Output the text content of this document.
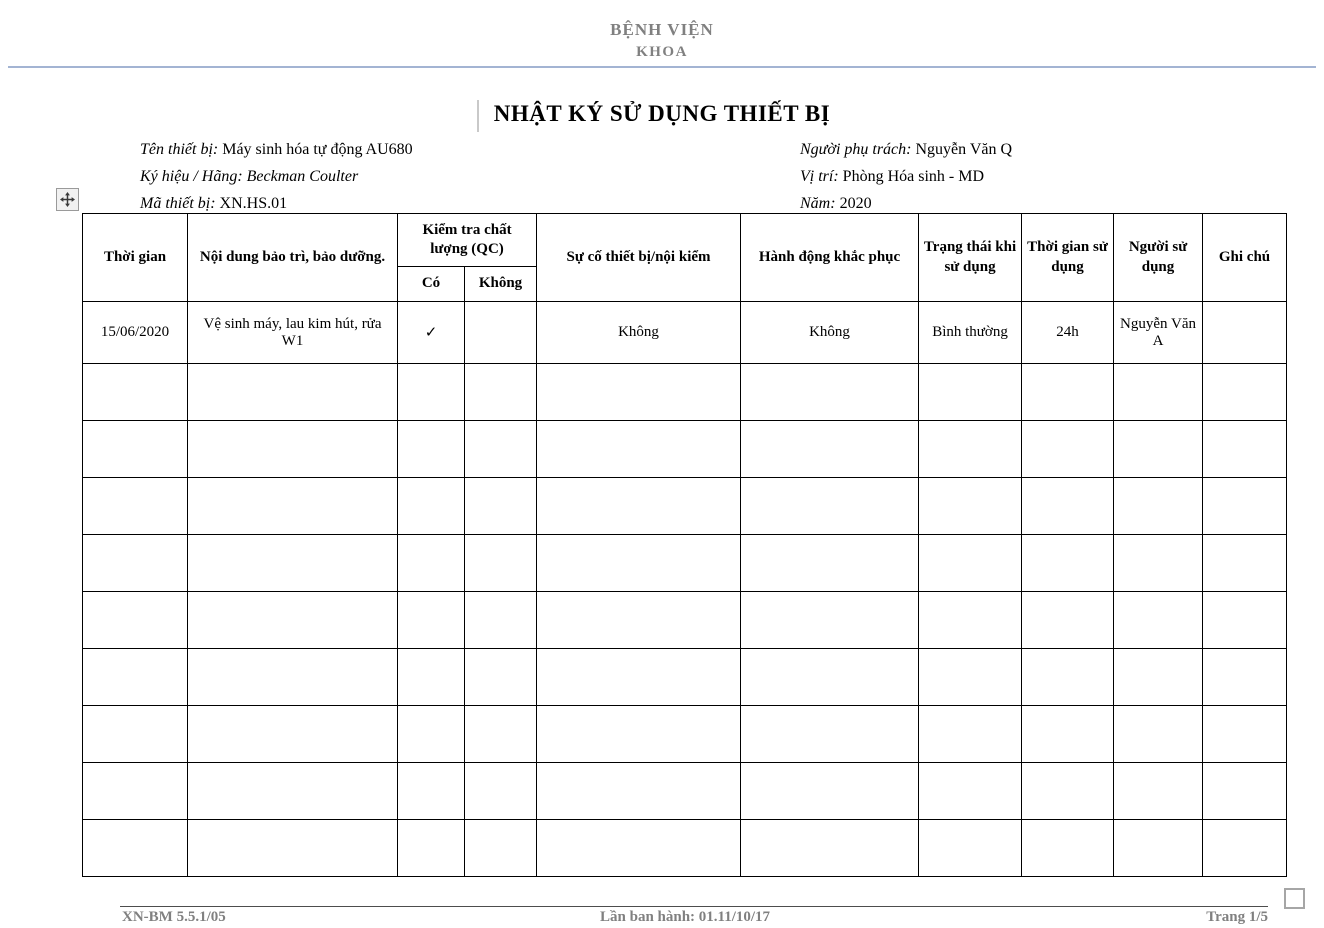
BỆNH VIỆN
KHOA
NHẬT KÝ SỬ DỤNG THIẾT BỊ
Tên thiết bị: Máy sinh hóa tự động AU680
Ký hiệu / Hãng: Beckman Coulter
Mã thiết bị: XN.HS.01
Người phụ trách: Nguyễn Văn Q
Vị trí: Phòng Hóa sinh - MD
Năm: 2020
Thời gian	Nội dung bảo trì, bảo dưỡng.	Kiểm tra chất lượng (QC)		Sự cố thiết bị/nội kiểm	Hành động khắc phục	Trạng thái khi sử dụng	Thời gian sử dụng	Người sử dụng	Ghi chú
		Có	Không						
15/06/2020	Vệ sinh máy, lau kim hút, rửa W1	✓		Không	Không	Bình thường	24h	Nguyễn Văn A	

XN-BM 5.5.1/05	Lần ban hành: 01.11/10/17	Trang 1/5
